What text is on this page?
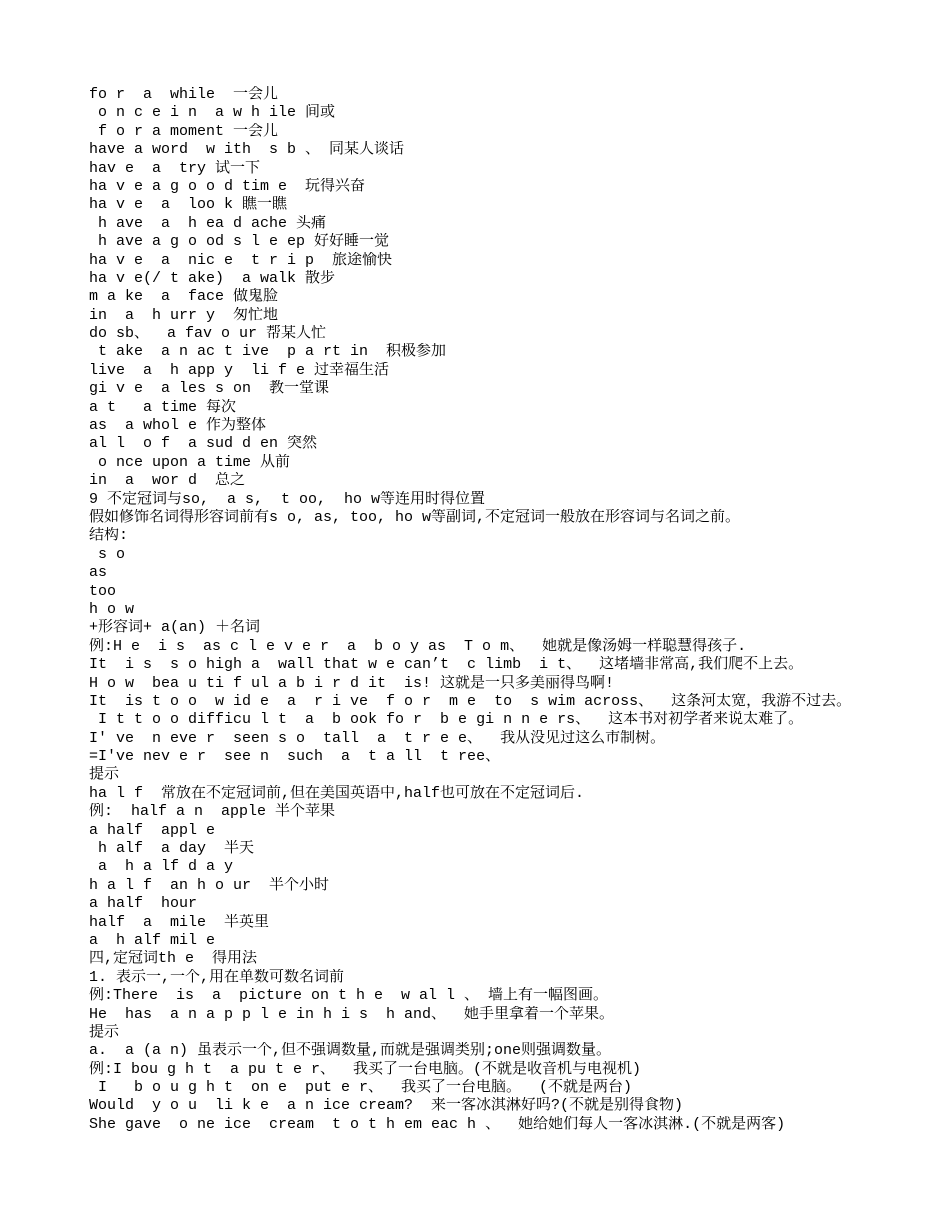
fo r  a  while  一会儿
o n c e i n  a w h ile 间或
f o r a moment 一会儿
have a word  w ith  s b 、 同某人谈话
hav e  a  try 试一下
ha v e a g o o d tim e  玩得兴奋
ha v e  a  loo k 瞧一瞧
h ave  a  h ea d ache 头痛
h ave a g o od s l e ep 好好睡一觉
ha v e  a  nic e  t r i p  旅途愉快
ha v e(/ t ake)  a walk 散步
m a ke  a  face 做鬼脸
in  a  h urr y  匆忙地
do sb、  a fav o ur 帮某人忙
t ake  a n ac t ive  p a rt in  积极参加
live  a  h app y  li f e 过幸福生活
gi v e  a les s on  教一堂课
a t   a time 每次
as  a whol e 作为整体
al l  o f  a sud d en 突然
o nce upon a time 从前
in  a  wor d  总之
9 不定冠词与so,  a s,  t oo,  ho w等连用时得位置
假如修饰名词得形容词前有s o, as, too, ho w等副词,不定冠词一般放在形容词与名词之前。
结构:
s o
as
too
h o w
+形容词+ a(an) ＋名词
例:H e  i s  as c l e v e r  a  b o y as  T o m、  她就是像汤姆一样聪慧得孩子.
It  i s  s o high a  wall that w e can’t  c limb  i t、  这堵墙非常高,我们爬不上去。
H o w  bea u ti f ul a b i r d it  is! 这就是一只多美丽得鸟啊!
It  is t o o  w id e  a  r i ve  f o r  m e  to  s wim across、  这条河太宽，我游不过去。
I t t o o difficu l t  a  b ook fo r  b e gi n n e rs、  这本书对初学者来说太难了。
I′ ve  n eve r  seen s o  tall  a  t r e e、  我从没见过这么市制树。
=I've nev e r  see n  such  a  t a ll  t ree、
提示
ha l f  常放在不定冠词前,但在美国英语中,half也可放在不定冠词后.
例:  half a n  apple 半个苹果
a half  appl e
h alf  a day  半天
a  h a lf d a y
h a l f  an h o ur  半个小时
a half  hour
half  a  mile  半英里
a  h alf mil e
四,定冠词th e  得用法
1. 表示一,一个,用在单数可数名词前
例:There  is  a  picture on t h e  w al l 、 墙上有一幅图画。
He  has  a n a p p l e in h i s  h and、  她手里拿着一个苹果。
提示
a.  a (a n) 虽表示一个,但不强调数量,而就是强调类别;one则强调数量。
例:I bou g h t  a pu t e r、  我买了一台电脑。(不就是收音机与电视机)
I   b o u g h t  on e  put e r、  我买了一台电脑。  (不就是两台)
Would  y o u  li k e  a n ice cream?  来一客冰淇淋好吗?(不就是别得食物)
She gave  o ne ice  cream  t o t h em eac h 、  她给她们每人一客冰淇淋.(不就是两客)
